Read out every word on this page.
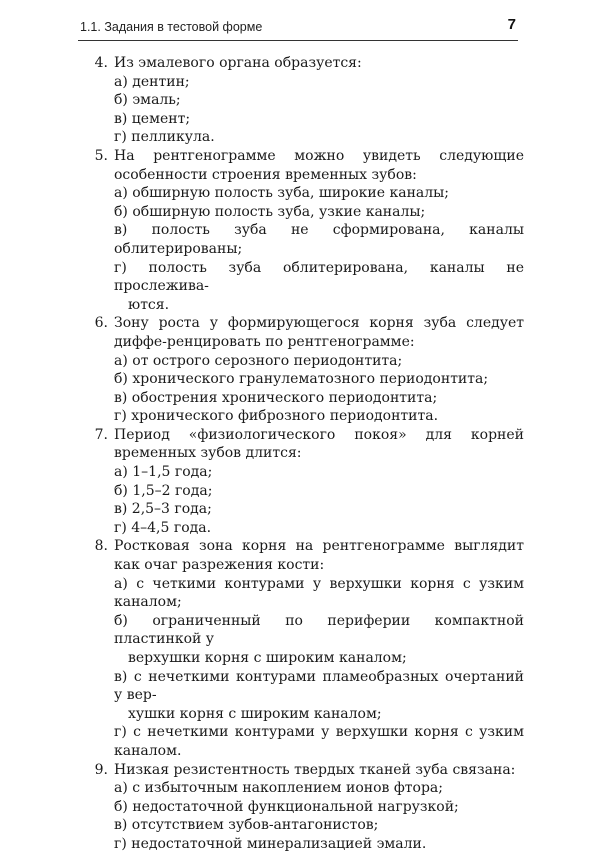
1.1. Задания в тестовой форме	7
4. Из эмалевого органа образуется:
а) дентин;
б) эмаль;
в) цемент;
г) пелликула.
5. На рентгенограмме можно увидеть следующие особенности строения временных зубов:
а) обширную полость зуба, широкие каналы;
б) обширную полость зуба, узкие каналы;
в) полость зуба не сформирована, каналы облитерированы;
г) полость зуба облитерирована, каналы не прослежива-
ются.
6. Зону роста у формирующегося корня зуба следует диффе-ренцировать по рентгенограмме:
а) от острого серозного периодонтита;
б) хронического гранулематозного периодонтита;
в) обострения хронического периодонтита;
г) хронического фиброзного периодонтита.
7. Период «физиологического покоя» для корней временных зубов длится:
а) 1–1,5 года;
б) 1,5–2 года;
в) 2,5–3 года;
г) 4–4,5 года.
8. Ростковая зона корня на рентгенограмме выглядит как очаг разрежения кости:
а) с четкими контурами у верхушки корня с узким каналом;
б) ограниченный по периферии компактной пластинкой у
верхушки корня с широким каналом;
в) с нечеткими контурами пламеобразных очертаний у вер-
хушки корня с широким каналом;
г) с нечеткими контурами у верхушки корня с узким каналом.
9. Низкая резистентность твердых тканей зуба связана:
а) с избыточным накоплением ионов фтора;
б) недостаточной функциональной нагрузкой;
в) отсутствием зубов-антагонистов;
г) недостаточной минерализацией эмали.
